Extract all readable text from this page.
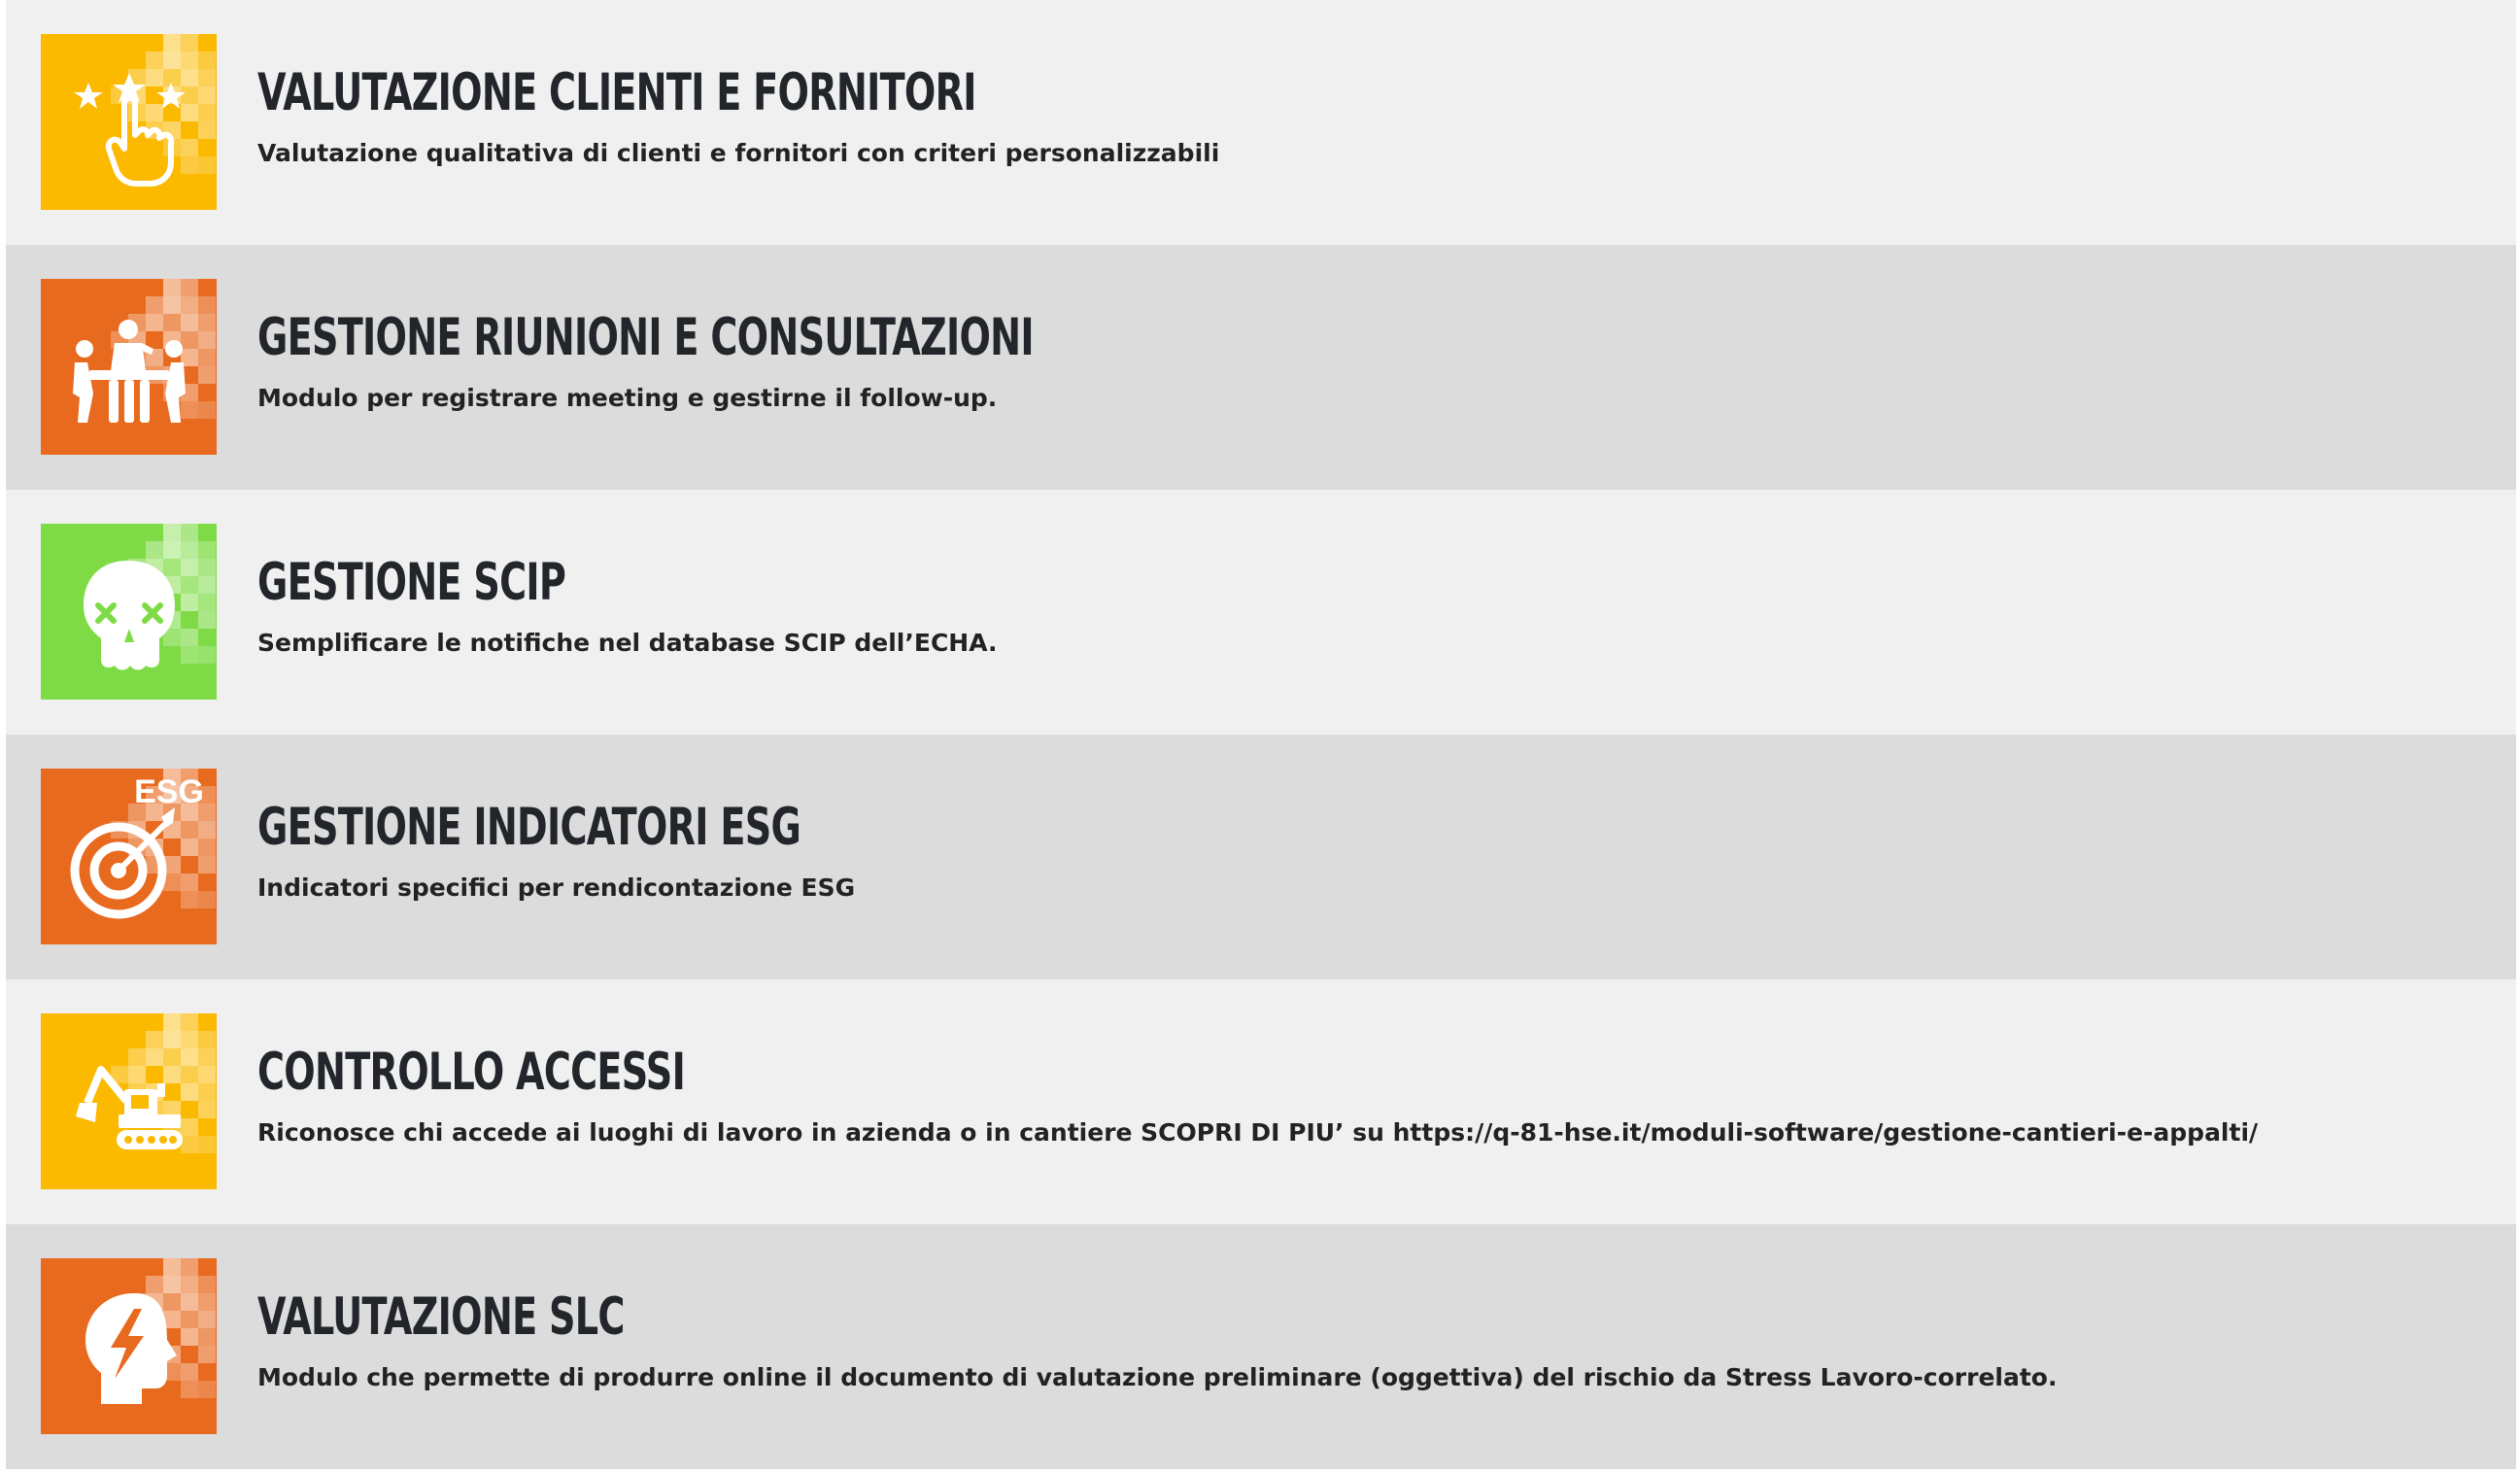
VALUTAZIONE CLIENTI E FORNITORI
Valutazione qualitativa di clienti e fornitori con criteri personalizzabili
GESTIONE RIUNIONI E CONSULTAZIONI
Modulo per registrare meeting e gestirne il follow-up.
GESTIONE SCIP
Semplificare le notifiche nel database SCIP dell’ECHA.
ESG
GESTIONE INDICATORI ESG
Indicatori specifici per rendicontazione ESG
CONTROLLO ACCESSI
Riconosce chi accede ai luoghi di lavoro in azienda o in cantiere SCOPRI DI PIU’ su https://q-81-hse.it/moduli-software/gestione-cantieri-e-appalti/
VALUTAZIONE SLC
Modulo che permette di produrre online il documento di valutazione preliminare (oggettiva) del rischio da Stress Lavoro-correlato.
